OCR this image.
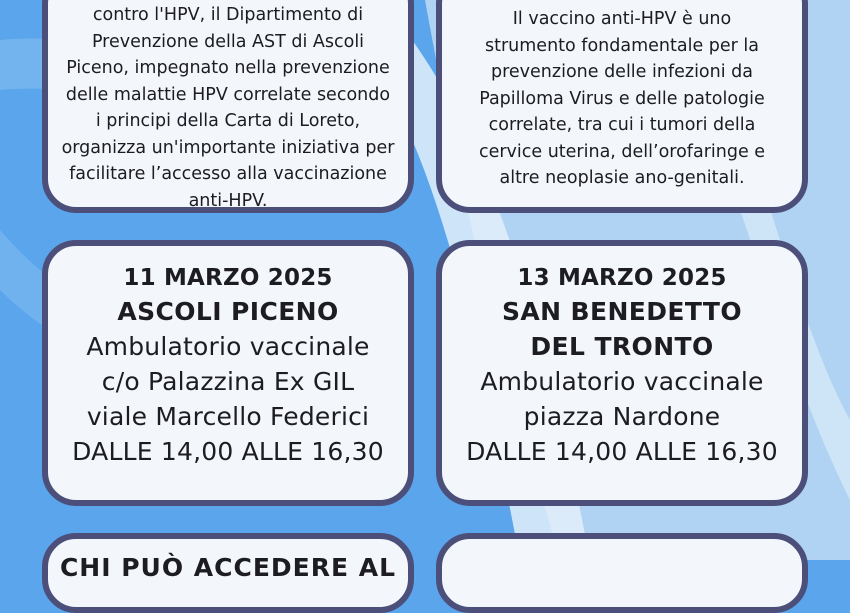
contro l'HPV, il Dipartimento di

Prevenzione della AST di Ascoli

Piceno, impegnato nella prevenzione

delle malattie HPV correlate secondo

i principi della Carta di Loreto,

organizza un'importante iniziativa per

facilitare l’accesso alla vaccinazione

anti-HPV.

Il vaccino anti-HPV è uno

strumento fondamentale per la

prevenzione delle infezioni da

Papilloma Virus e delle patologie

correlate, tra cui i tumori della

cervice uterina, dell’orofaringe e

altre neoplasie ano-genitali.

11 MARZO 2025

ASCOLI PICENO

Ambulatorio vaccinale

c/o Palazzina Ex GIL

viale Marcello Federici

DALLE 14,00 ALLE 16,30

13 MARZO 2025

SAN BENEDETTO DEL TRONTO

Ambulatorio vaccinale

piazza Nardone

DALLE 14,00 ALLE 16,30

CHI PUÒ ACCEDERE AL
